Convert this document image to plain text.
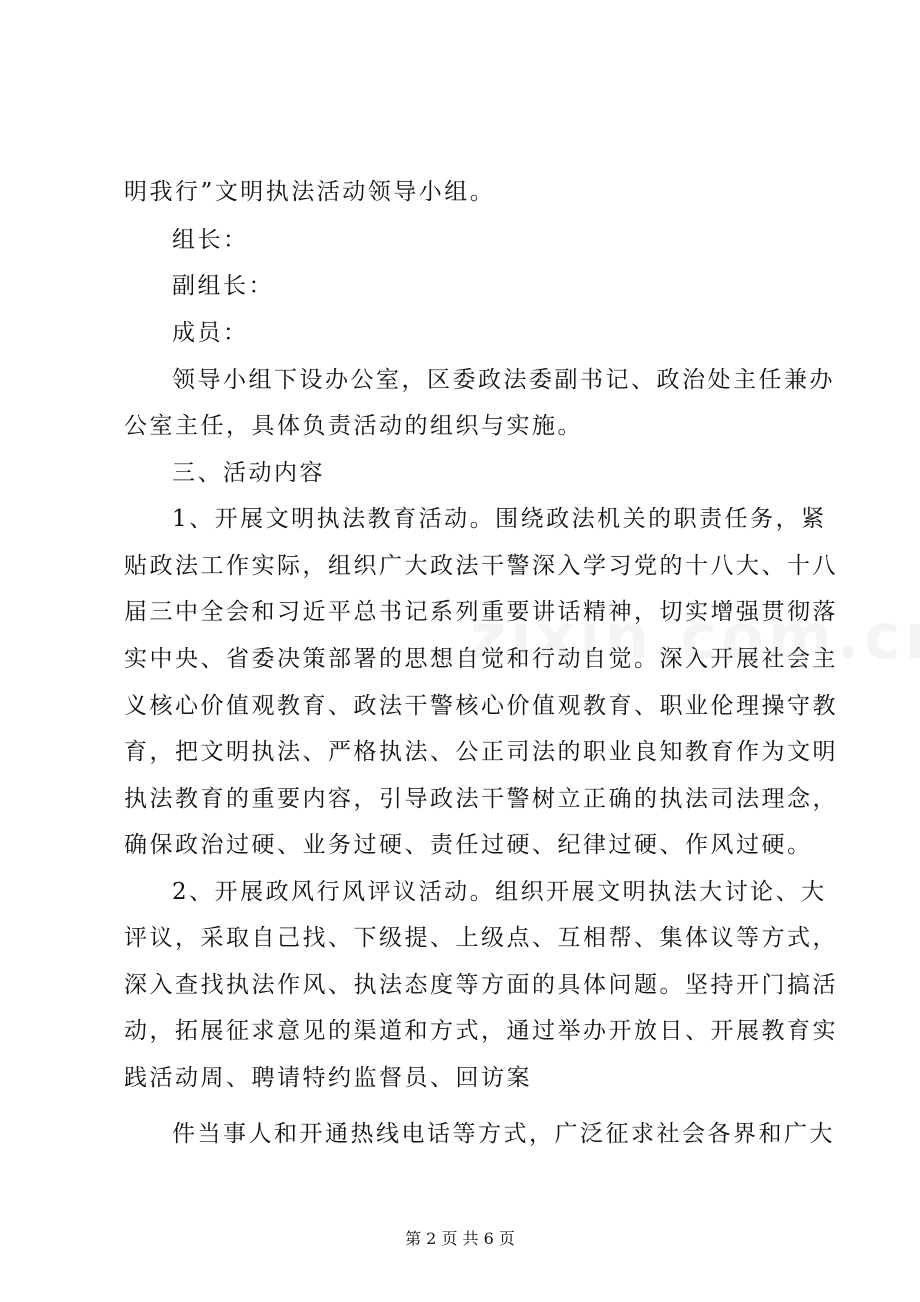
明我行”文明执法活动领导小组。
组长：
副组长：
成员：
领导小组下设办公室，区委政法委副书记、政治处主任兼办
公室主任，具体负责活动的组织与实施。
三、活动内容
1、开展文明执法教育活动。围绕政法机关的职责任务，紧
贴政法工作实际，组织广大政法干警深入学习党的十八大、十八
届三中全会和习近平总书记系列重要讲话精神，切实增强贯彻落
实中央、省委决策部署的思想自觉和行动自觉。深入开展社会主
义核心价值观教育、政法干警核心价值观教育、职业伦理操守教
育，把文明执法、严格执法、公正司法的职业良知教育作为文明
执法教育的重要内容，引导政法干警树立正确的执法司法理念，
确保政治过硬、业务过硬、责任过硬、纪律过硬、作风过硬。
2、开展政风行风评议活动。组织开展文明执法大讨论、大
评议，采取自己找、下级提、上级点、互相帮、集体议等方式，
深入查找执法作风、执法态度等方面的具体问题。坚持开门搞活
动，拓展征求意见的渠道和方式，通过举办开放日、开展教育实
践活动周、聘请特约监督员、回访案
件当事人和开通热线电话等方式，广泛征求社会各界和广大
第 2 页 共 6 页
